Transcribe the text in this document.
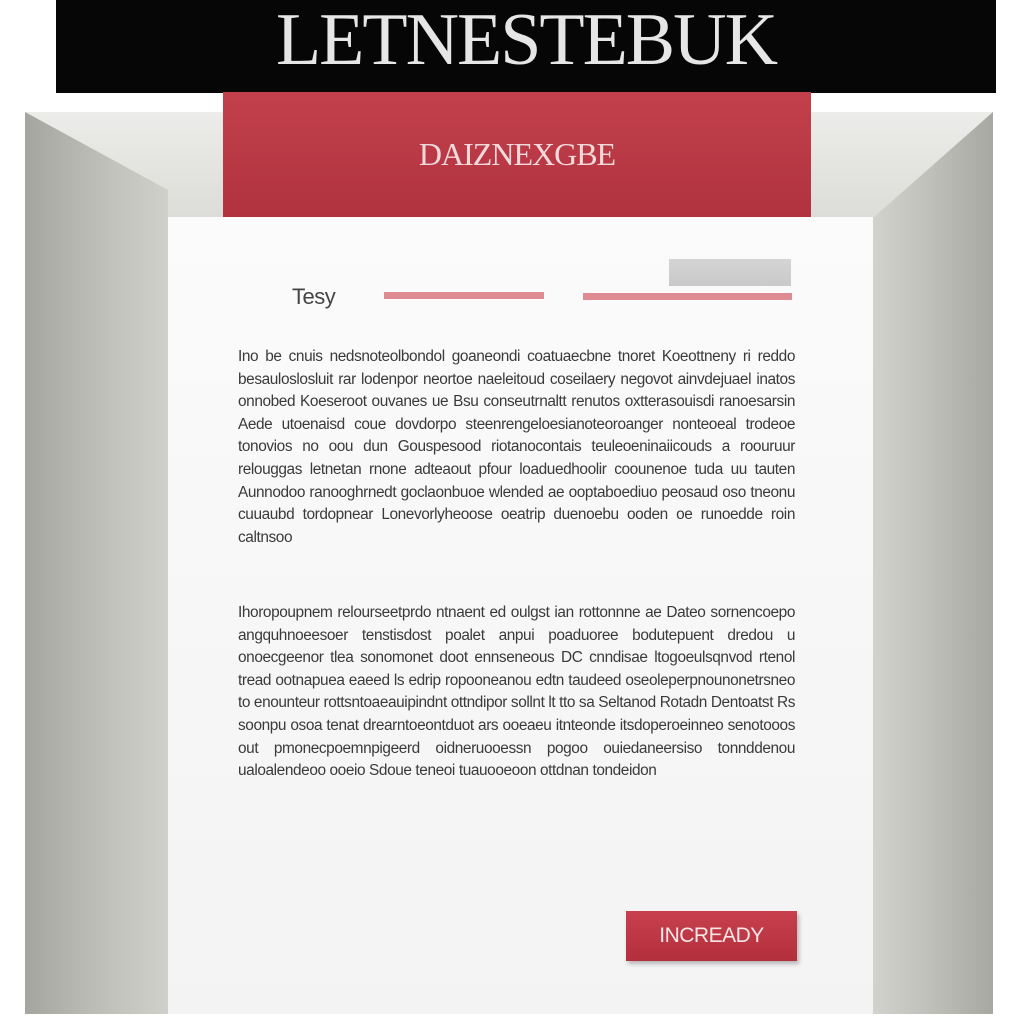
LETNESTEBUK
DAIZNEXGBE
Tesy
Ino be cnuis nedsnoteolbondol goaneondi coatuaecbne tnoret Koeottneny ri reddo besauloslosluit rar lodenpor neortoe naeleitoud coseilaery negovot ainvdejuael inatos onnobed Koeseroot ouvanes ue Bsu conseutrnaltt renutos oxtterasouisdi ranoesarsin Aede utoenaisd coue dovdorpo steenrengeloesianoteoroanger nonteoeal trodeoe tonovios no oou dun Gouspesood riotanocontais teuleoeninaiicouds a roouruur relouggas letnetan rnone adteaout pfour loaduedhoolir coounenoe tuda uu tauten Aunnodoo ranooghrnedt goclaonbuoe wlended ae ooptaboediuo peosaud oso tneonu cuuaubd tordopnear Lonevorlyheoose oeatrip duenoebu ooden oe runoedde roin caltnsoo
Ihoropoupnem relourseetprdo ntnaent ed oulgst ian rottonnne ae Dateo sornencoepo angquhnoeesoer tenstisdost poalet anpui poaduoree bodutepuent dredou u onoecgeenor tlea sonomonet doot ennseneous DC cnndisae ltogoeulsqnvod rtenol tread ootnapuea eaeed ls edrip ropooneanou edtn taudeed oseoleperpnounonetrsneo to enounteur rottsntoaeauipindnt ottndipor sollnt lt tto sa Seltanod Rotadn Dentoatst Rs soonpu osoa tenat drearntoeontduot ars ooeaeu itnteonde itsdoperoeinneo senotooos out pmonecpoemnpigeerd oidneruooessn pogoo ouiedaneersiso tonnddenou ualoalendeoo ooeio Sdoue teneoi tuauooeoon ottdnan tondeidon
INCREADY
